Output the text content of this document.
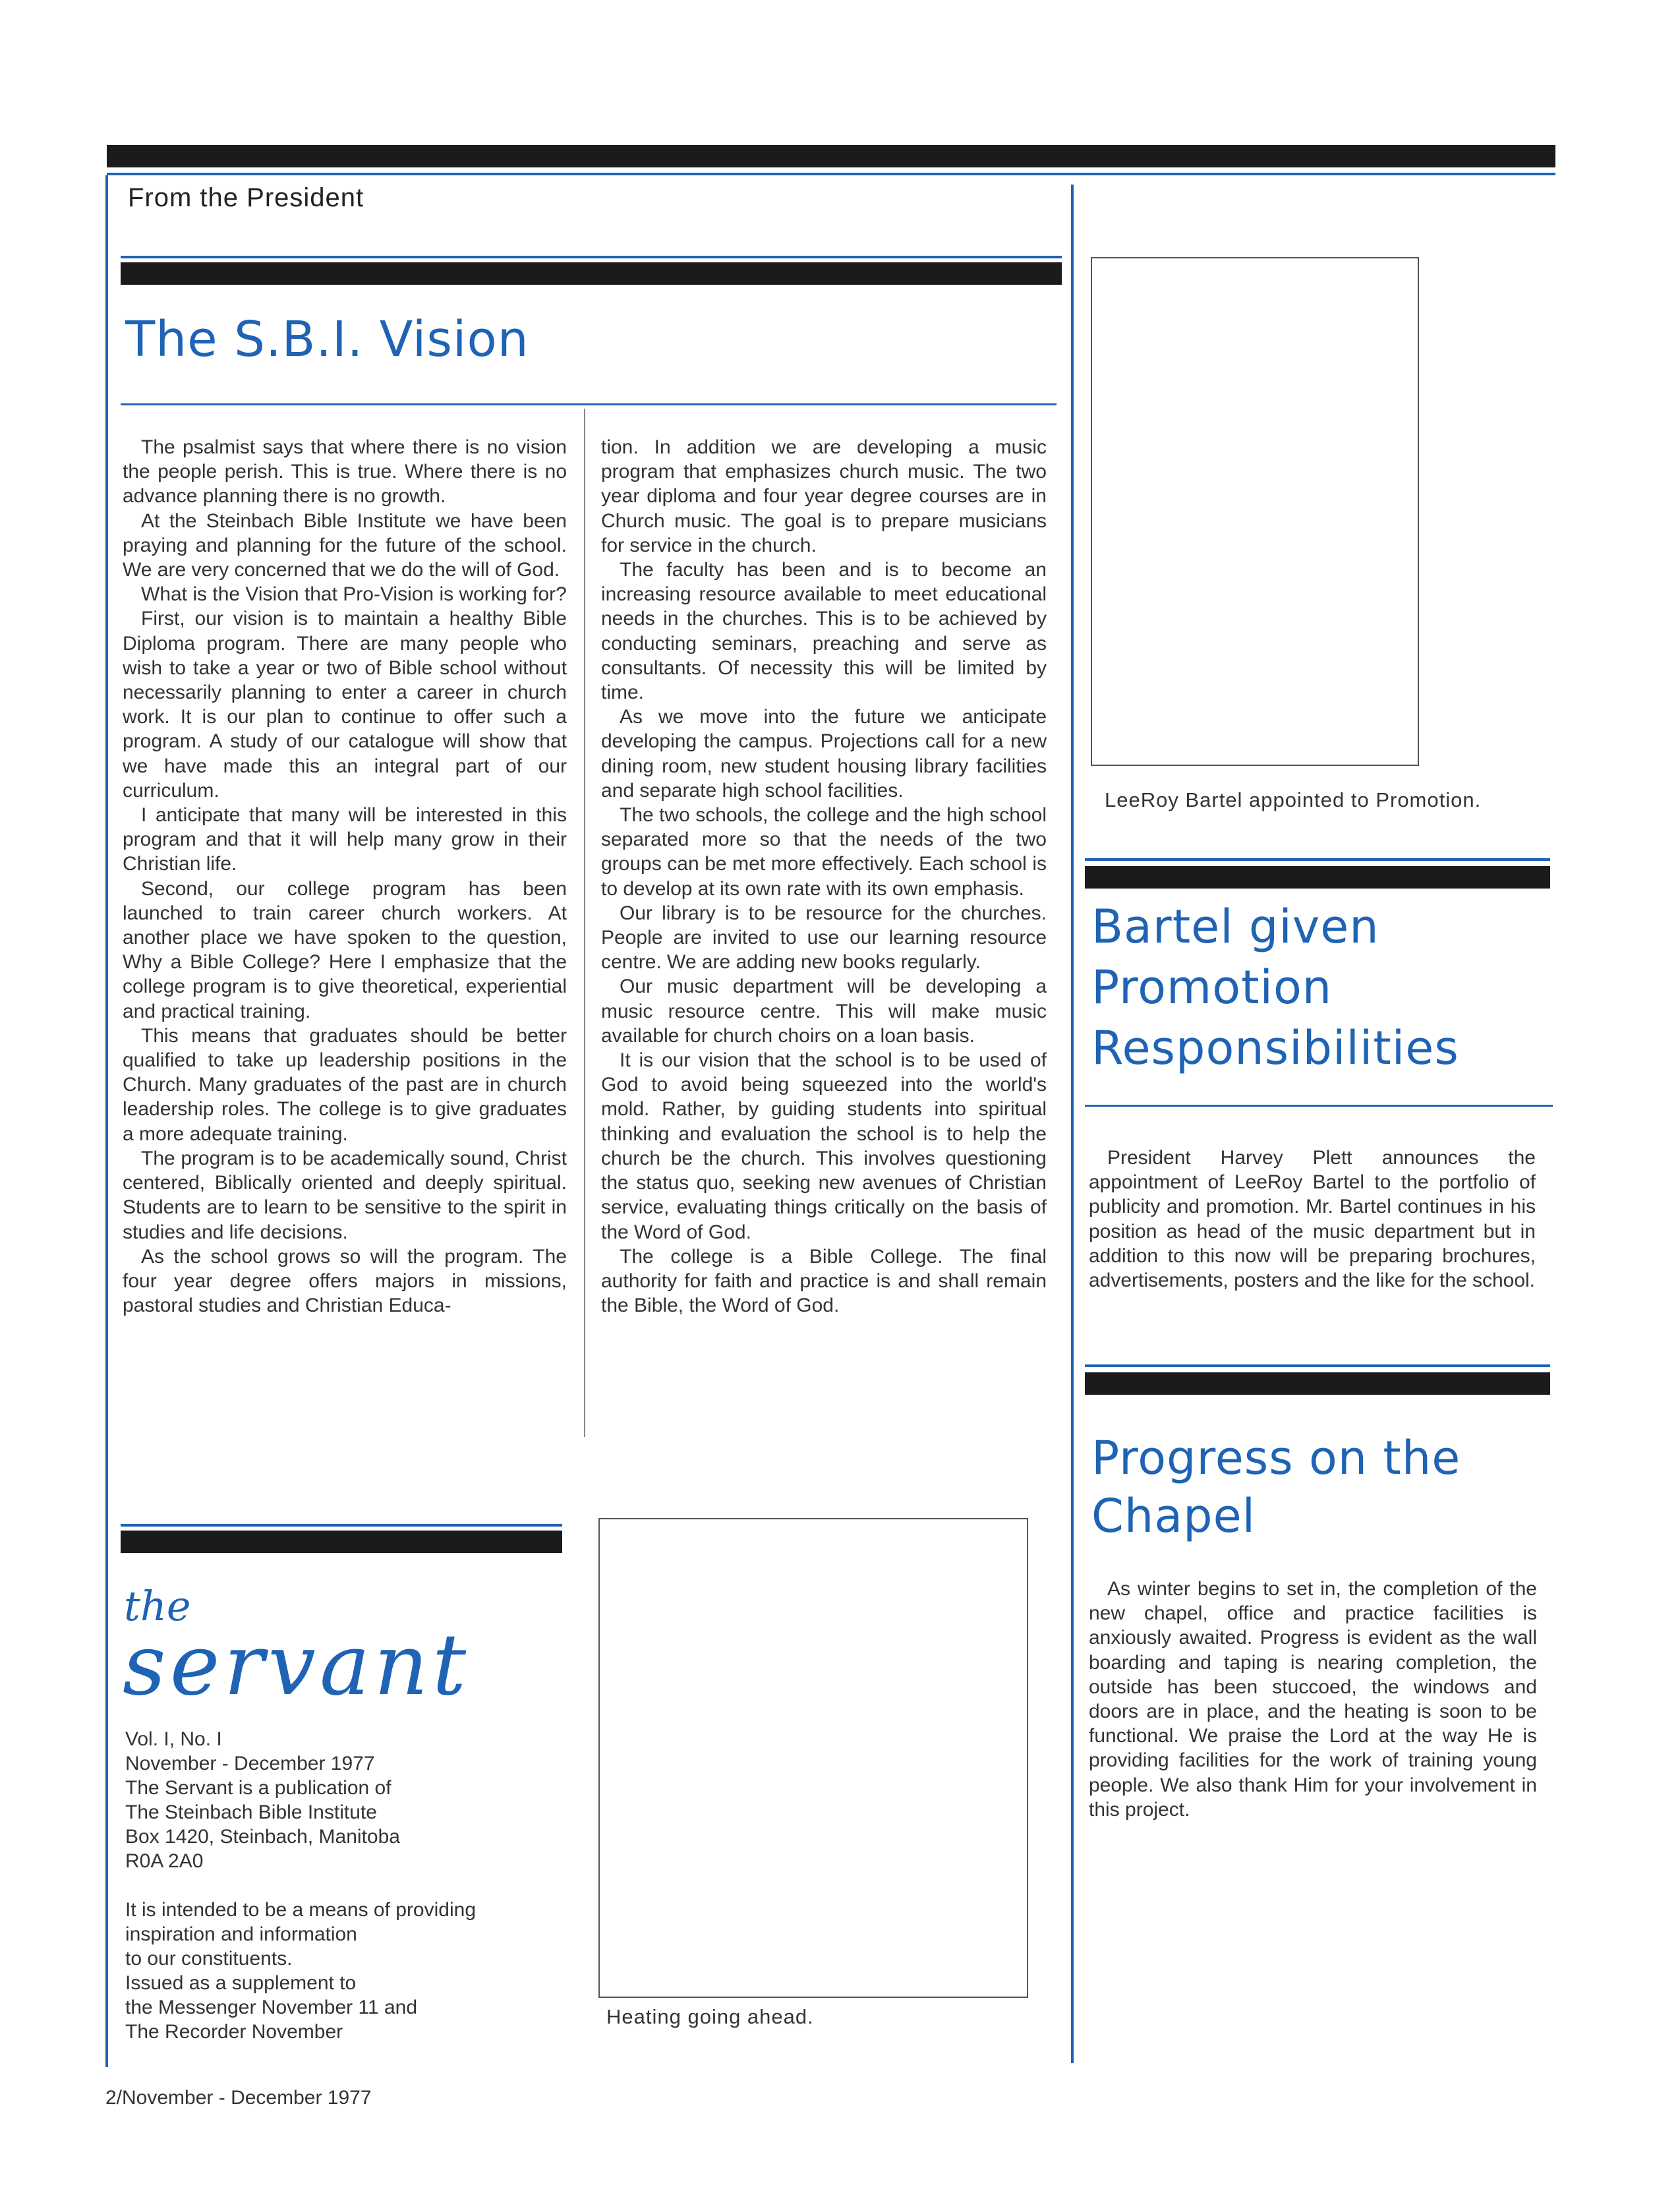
From the President
The S.B.I. Vision

The psalmist says that where there is no vision the people perish. This is true. Where there is no advance planning there is no growth.

At the Steinbach Bible Institute we have been praying and planning for the future of the school. We are very concerned that we do the will of God.

What is the Vision that Pro-Vision is working for?

First, our vision is to maintain a healthy Bible Diploma program. There are many people who wish to take a year or two of Bible school without necessarily planning to enter a career in church work. It is our plan to continue to offer such a program. A study of our catalogue will show that we have made this an integral part of our curriculum.

I anticipate that many will be interested in this program and that it will help many grow in their Christian life.

Second, our college program has been launched to train career church workers. At another place we have spoken to the question, Why a Bible College? Here I emphasize that the college program is to give theoretical, experiential and practical training.

This means that graduates should be better qualified to take up leadership positions in the Church. Many graduates of the past are in church leadership roles. The college is to give graduates a more adequate training.

The program is to be academically sound, Christ centered, Biblically oriented and deeply spiritual. Students are to learn to be sensitive to the spirit in studies and life decisions.

As the school grows so will the program. The four year degree offers majors in missions, pastoral studies and Christian Educa-

tion. In addition we are developing a music program that emphasizes church music. The two year diploma and four year degree courses are in Church music. The goal is to prepare musicians for service in the church.

The faculty has been and is to become an increasing resource available to meet educational needs in the churches. This is to be achieved by conducting seminars, preaching and serve as consultants. Of necessity this will be limited by time.

As we move into the future we anticipate developing the campus. Projections call for a new dining room, new student housing library facilities and separate high school facilities.

The two schools, the college and the high school separated more so that the needs of the two groups can be met more effectively. Each school is to develop at its own rate with its own emphasis.

Our library is to be resource for the churches. People are invited to use our learning resource centre. We are adding new books regularly.

Our music department will be developing a music resource centre. This will make music available for church choirs on a loan basis.

It is our vision that the school is to be used of God to avoid being squeezed into the world's mold. Rather, by guiding students into spiritual thinking and evaluation the school is to help the church be the church. This involves questioning the status quo, seeking new avenues of Christian service, evaluating things critically on the basis of the Word of God.

The college is a Bible College. The final authority for faith and practice is and shall remain the Bible, the Word of God.

the
servant
Vol. I, No. I
November - December 1977
The Servant is a publication of
The Steinbach Bible Institute
Box 1420, Steinbach, Manitoba
R0A 2A0
It is intended to be a means of providing
inspiration and information
to our constituents.
Issued as a supplement to
the Messenger November 11 and
The Recorder November
Heating going ahead.
LeeRoy Bartel appointed to Promotion.
Bartel given
Promotion
Responsibilities

President Harvey Plett announces the appointment of LeeRoy Bartel to the portfolio of publicity and promotion. Mr. Bartel continues in his position as head of the music department but in addition to this now will be preparing brochures, advertisements, posters and the like for the school.

Progress on the
Chapel

As winter begins to set in, the completion of the new chapel, office and practice facilities is anxiously awaited. Progress is evident as the wall boarding and taping is nearing completion, the outside has been stuccoed, the windows and doors are in place, and the heating is soon to be functional. We praise the Lord at the way He is providing facilities for the work of training young people. We also thank Him for your involvement in this project.

2/November - December 1977
